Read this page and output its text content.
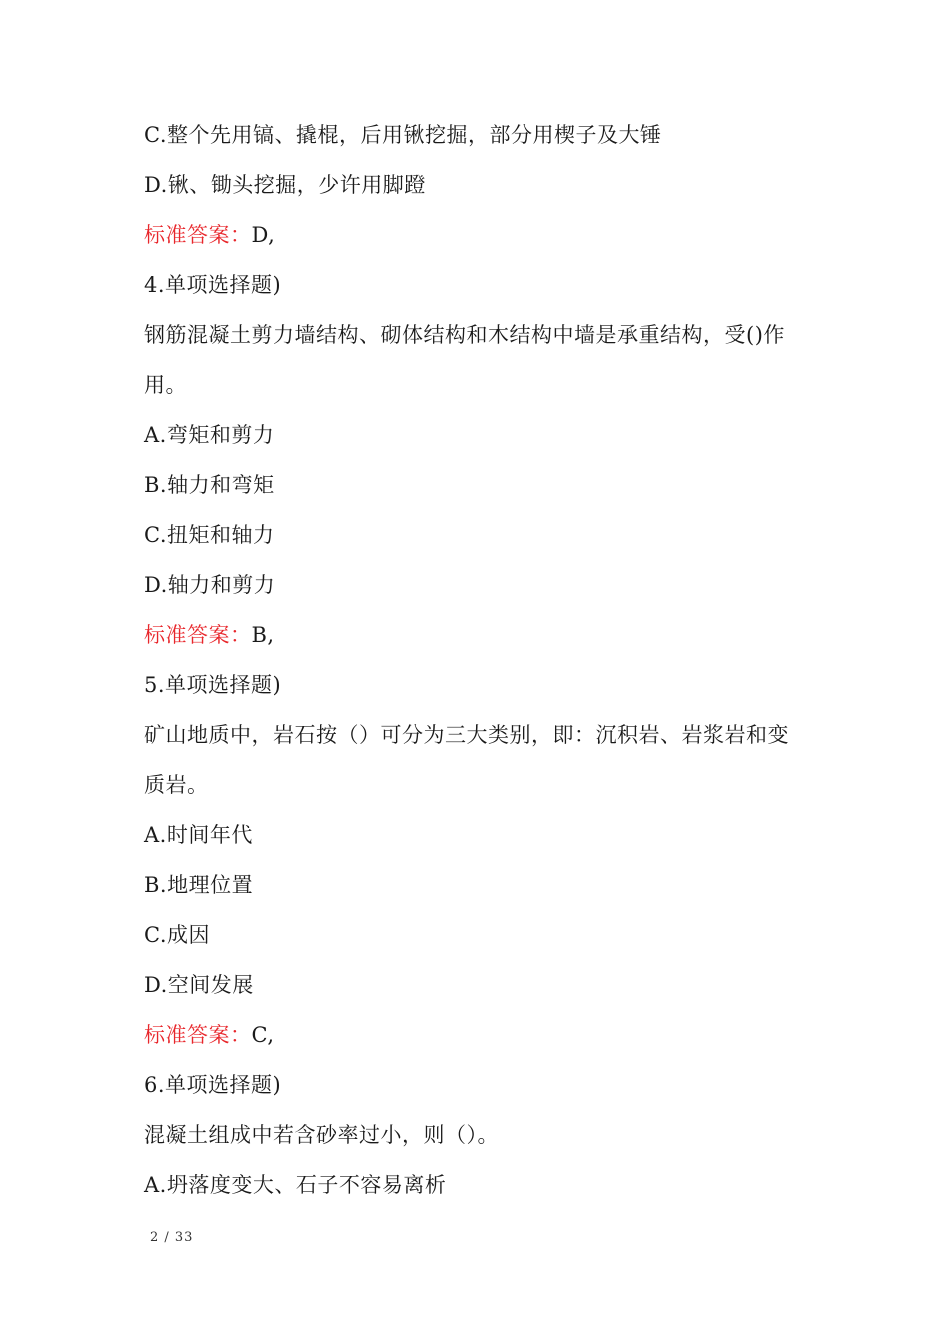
C.整个先用镐、撬棍，后用锹挖掘，部分用楔子及大锤
D.锹、锄头挖掘，少许用脚蹬
标准答案：D,
4.单项选择题)
钢筋混凝土剪力墙结构、砌体结构和木结构中墙是承重结构，受()作
用。
A.弯矩和剪力
B.轴力和弯矩
C.扭矩和轴力
D.轴力和剪力
标准答案：B,
5.单项选择题)
矿山地质中，岩石按（）可分为三大类别，即：沉积岩、岩浆岩和变
质岩。
A.时间年代
B.地理位置
C.成因
D.空间发展
标准答案：C,
6.单项选择题)
混凝土组成中若含砂率过小，则（）。
A.坍落度变大、石子不容易离析
2 / 33
